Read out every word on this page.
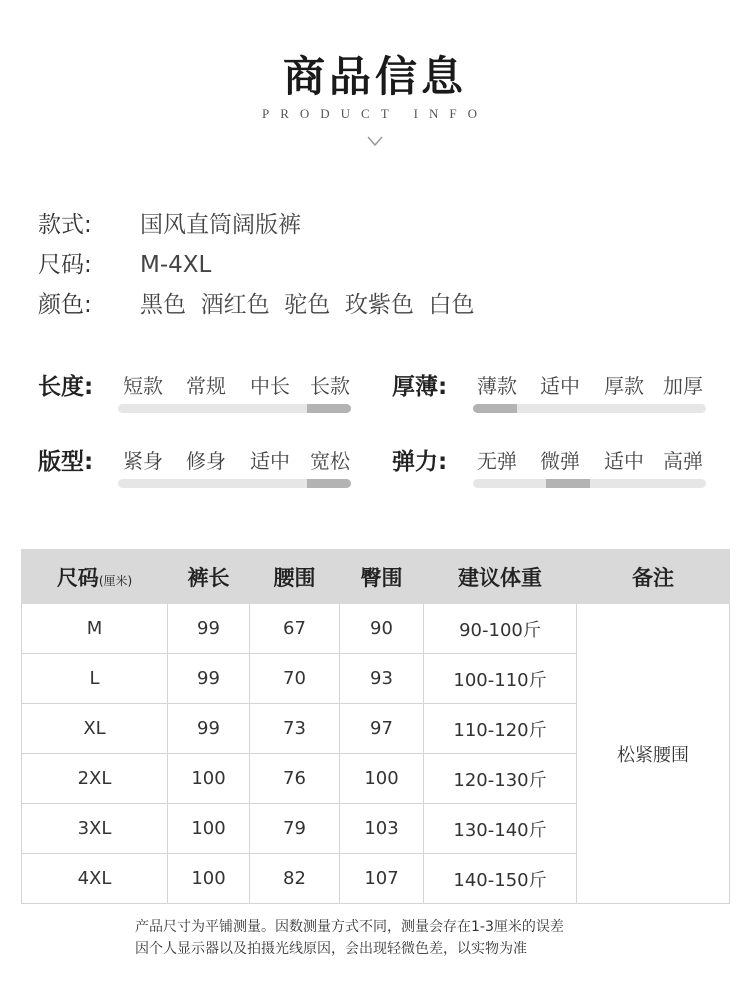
商品信息
PRODUCT INFO
款式: 国风直筒阔版裤
尺码: M-4XL
颜色: 黑色  酒红色  驼色  玫紫色  白色
长度: 短款 常规 中长 长款 厚薄: 薄款 适中 厚款 加厚
版型: 紧身 修身 适中 宽松 弹力: 无弹 微弹 适中 高弹
尺码(厘米)	裤长	腰围	臀围	建议体重	备注
M	99	67	90	90-100斤	松紧腰围
L	99	70	93	100-110斤	
XL	99	73	97	110-120斤	
2XL	100	76	100	120-130斤	
3XL	100	79	103	130-140斤	
4XL	100	82	107	140-150斤	
产品尺寸为平铺测量。因数测量方式不同，测量会存在1-3厘米的误差
因个人显示器以及拍摄光线原因，会出现轻微色差，以实物为准
